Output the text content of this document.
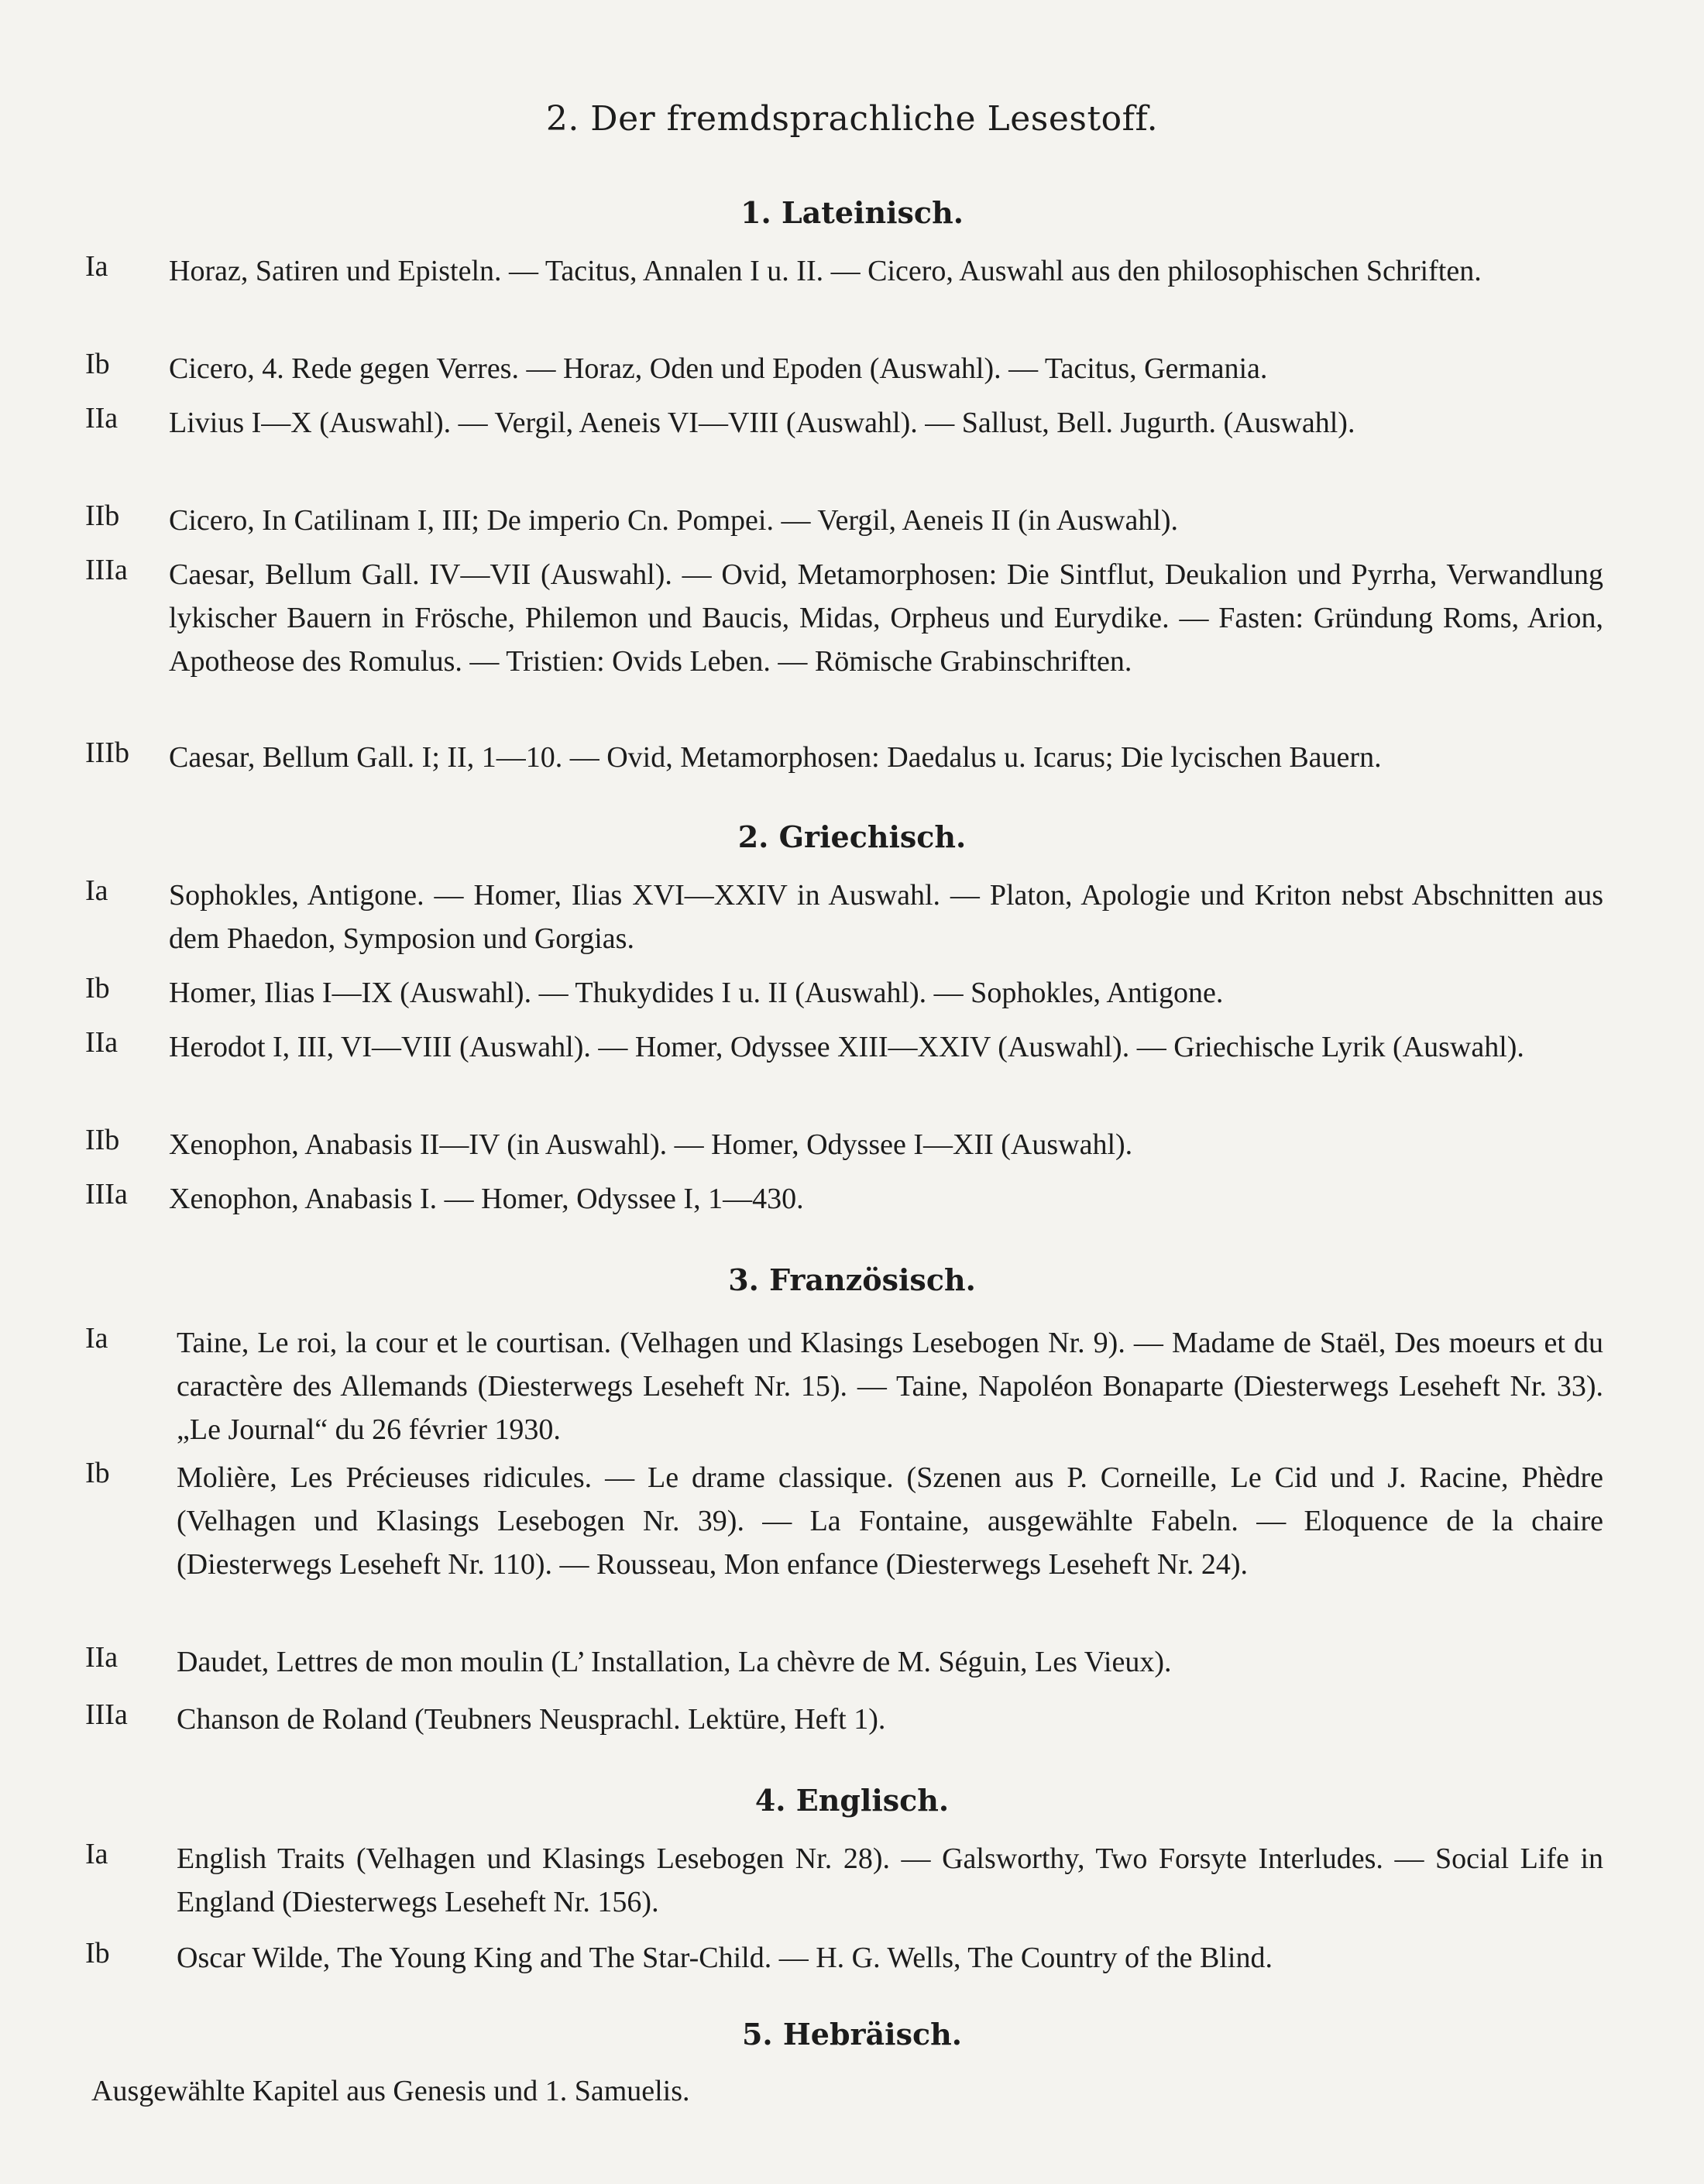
2. Der fremdsprachliche Lesestoff.
1. Lateinisch.
Ia Horaz, Satiren und Episteln. — Tacitus, Annalen I u. II. — Cicero, Auswahl aus den philosophischen Schriften.
Ib Cicero, 4. Rede gegen Verres. — Horaz, Oden und Epoden (Auswahl). — Tacitus, Germania.
IIa Livius I—X (Auswahl). — Vergil, Aeneis VI—VIII (Auswahl). — Sallust, Bell. Jugurth. (Auswahl).
IIb Cicero, In Catilinam I, III; De imperio Cn. Pompei. — Vergil, Aeneis II (in Auswahl).
IIIa Caesar, Bellum Gall. IV—VII (Auswahl). — Ovid, Metamorphosen: Die Sintflut, Deukalion und Pyrrha, Verwandlung lykischer Bauern in Frösche, Philemon und Baucis, Midas, Orpheus und Eurydike. — Fasten: Gründung Roms, Arion, Apotheose des Romulus. — Tristien: Ovids Leben. — Römische Grabinschriften.
IIIb Caesar, Bellum Gall. I; II, 1—10. — Ovid, Metamorphosen: Daedalus u. Icarus; Die lycischen Bauern.
2. Griechisch.
Ia Sophokles, Antigone. — Homer, Ilias XVI—XXIV in Auswahl. — Platon, Apologie und Kriton nebst Abschnitten aus dem Phaedon, Symposion und Gorgias.
Ib Homer, Ilias I—IX (Auswahl). — Thukydides I u. II (Auswahl). — Sophokles, Antigone.
IIa Herodot I, III, VI—VIII (Auswahl). — Homer, Odyssee XIII—XXIV (Auswahl). — Griechische Lyrik (Auswahl).
IIb Xenophon, Anabasis II—IV (in Auswahl). — Homer, Odyssee I—XII (Auswahl).
IIIa Xenophon, Anabasis I. — Homer, Odyssee I, 1—430.
3. Französisch.
Ia Taine, Le roi, la cour et le courtisan. (Velhagen und Klasings Lesebogen Nr. 9). — Madame de Staël, Des moeurs et du caractère des Allemands (Diesterwegs Leseheft Nr. 15). — Taine, Napoléon Bonaparte (Diesterwegs Leseheft Nr. 33). „Le Journal“ du 26 février 1930.
Ib Molière, Les Précieuses ridicules. — Le drame classique. (Szenen aus P. Corneille, Le Cid und J. Racine, Phèdre (Velhagen und Klasings Lesebogen Nr. 39). — La Fontaine, ausgewählte Fabeln. — Eloquence de la chaire (Diesterwegs Leseheft Nr. 110). — Rousseau, Mon enfance (Diesterwegs Leseheft Nr. 24).
IIa Daudet, Lettres de mon moulin (L’ Installation, La chèvre de M. Séguin, Les Vieux).
IIIa Chanson de Roland (Teubners Neusprachl. Lektüre, Heft 1).
4. Englisch.
Ia English Traits (Velhagen und Klasings Lesebogen Nr. 28). — Galsworthy, Two Forsyte Interludes. — Social Life in England (Diesterwegs Leseheft Nr. 156).
Ib Oscar Wilde, The Young King and The Star-Child. — H. G. Wells, The Country of the Blind.
5. Hebräisch.
Ausgewählte Kapitel aus Genesis und 1. Samuelis.
